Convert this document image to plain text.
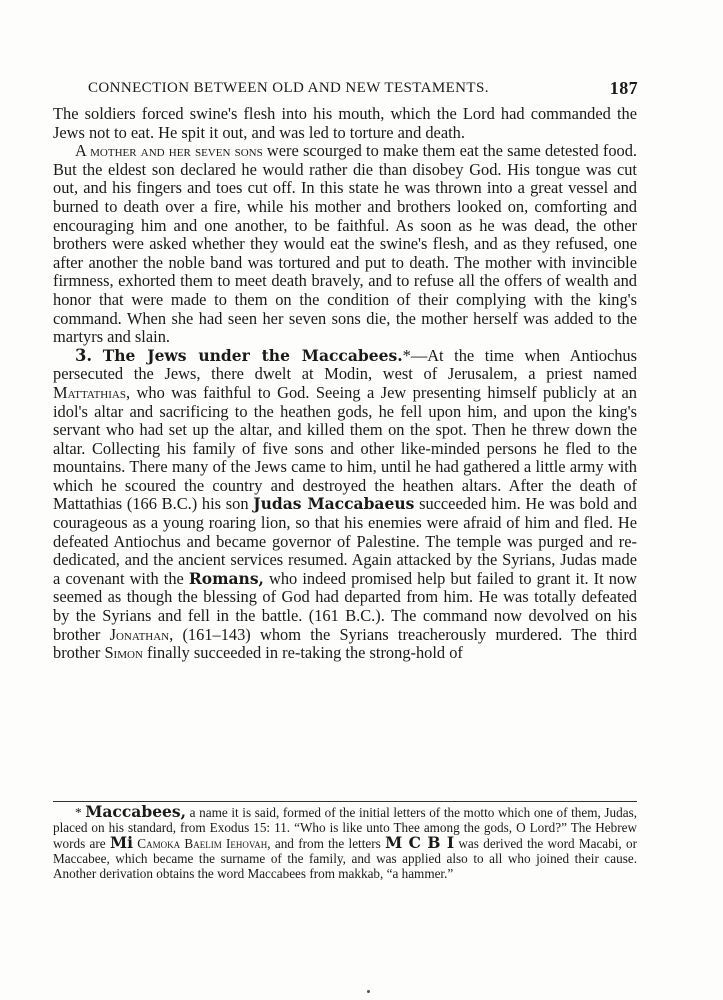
CONNECTION BETWEEN OLD AND NEW TESTAMENTS.	187

The soldiers forced swine's flesh into his mouth, which the Lord had commanded the Jews not to eat. He spit it out, and was led to torture and death.

A mother and her seven sons were scourged to make them eat the same detested food. But the eldest son declared he would rather die than disobey God. His tongue was cut out, and his fingers and toes cut off. In this state he was thrown into a great vessel and burned to death over a fire, while his mother and brothers looked on, comforting and encouraging him and one another, to be faithful. As soon as he was dead, the other brothers were asked whether they would eat the swine's flesh, and as they refused, one after another the noble band was tortured and put to death. The mother with invincible firmness, exhorted them to meet death bravely, and to refuse all the offers of wealth and honor that were made to them on the condition of their complying with the king's command. When she had seen her seven sons die, the mother herself was added to the martyrs and slain.

3. The Jews under the Maccabees.*—At the time when Antiochus persecuted the Jews, there dwelt at Modin, west of Jerusalem, a priest named Mattathias, who was faithful to God. Seeing a Jew presenting himself publicly at an idol's altar and sacrificing to the heathen gods, he fell upon him, and upon the king's servant who had set up the altar, and killed them on the spot. Then he threw down the altar. Collecting his family of five sons and other like-minded persons he fled to the mountains. There many of the Jews came to him, until he had gathered a little army with which he scoured the country and destroyed the heathen altars. After the death of Mattathias (166 B.C.) his son Judas Maccabaeus succeeded him. He was bold and courageous as a young roaring lion, so that his enemies were afraid of him and fled. He defeated Antiochus and became governor of Palestine. The temple was purged and re-dedicated, and the ancient services resumed. Again attacked by the Syrians, Judas made a covenant with the Romans, who indeed promised help but failed to grant it. It now seemed as though the blessing of God had departed from him. He was totally defeated by the Syrians and fell in the battle. (161 B.C.). The command now devolved on his brother Jonathan, (161–143) whom the Syrians treacherously murdered. The third brother Simon finally succeeded in re-taking the strong-hold of

* Maccabees, a name it is said, formed of the initial letters of the motto which one of them, Judas, placed on his standard, from Exodus 15: 11. “Who is like unto Thee among the gods, O Lord?” The Hebrew words are Mi Camoka Baelim Iehovah, and from the letters M C B I was derived the word Macabi, or Maccabee, which became the surname of the family, and was applied also to all who joined their cause. Another derivation obtains the word Maccabees from makkab, “a hammer.”
